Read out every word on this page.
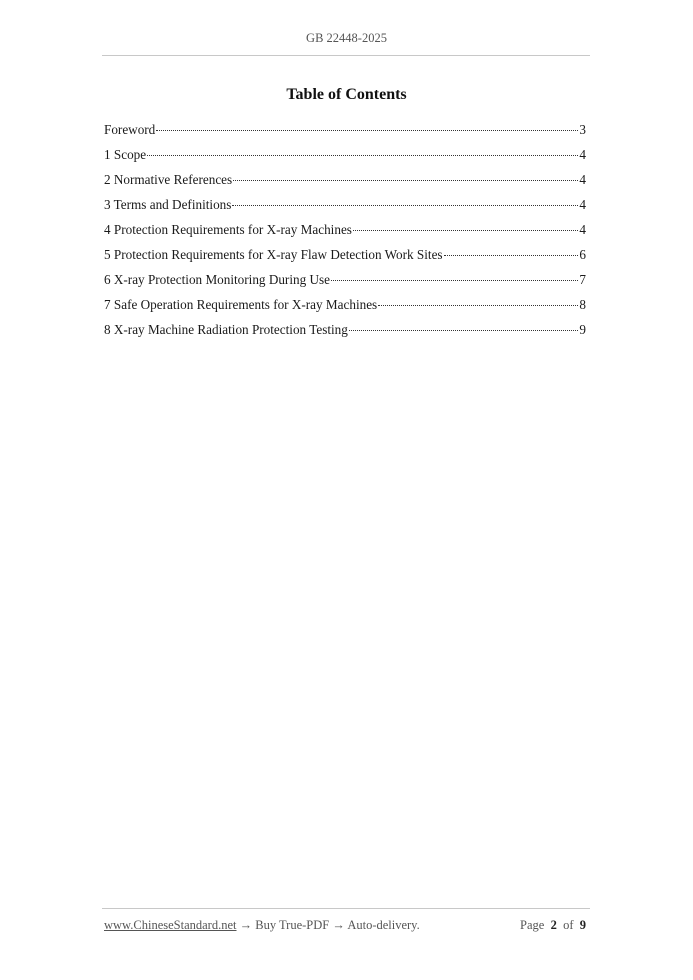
GB 22448-2025
Table of Contents
Foreword	3
1 Scope	4
2 Normative References	4
3 Terms and Definitions	4
4 Protection Requirements for X-ray Machines	4
5 Protection Requirements for X-ray Flaw Detection Work Sites	6
6 X-ray Protection Monitoring During Use	7
7 Safe Operation Requirements for X-ray Machines	8
8 X-ray Machine Radiation Protection Testing	9
www.ChineseStandard.net → Buy True-PDF → Auto-delivery.	Page 2 of 9
